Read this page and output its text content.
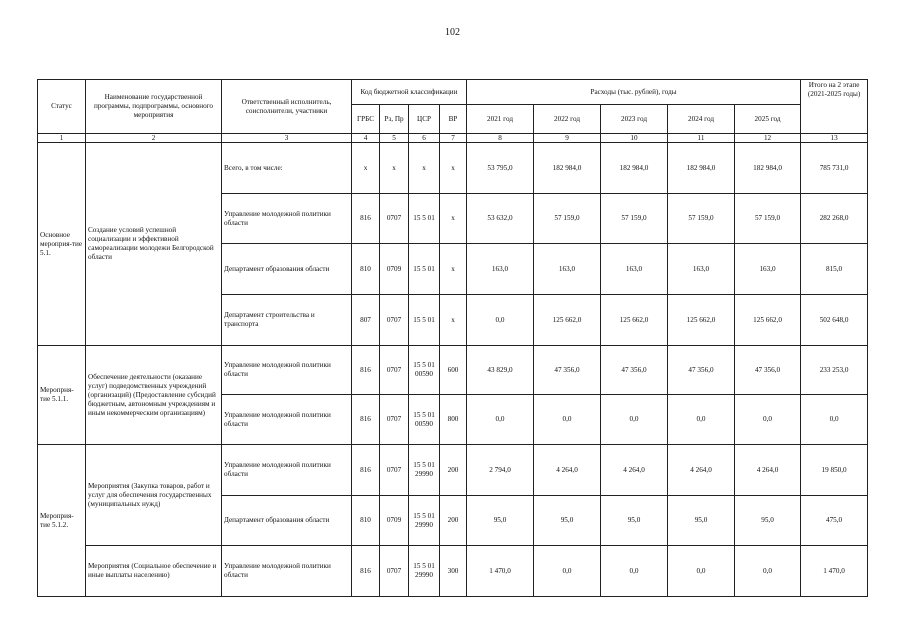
102
Статус	Наименование государственной программы, подпрограммы, основного мероприятия	Ответственный исполнитель, соисполнители, участники	Код бюджетной классификации				Расходы (тыс. рублей), годы					Итого на 2 этапе (2021-2025 годы)
			ГРБС	Рз, Пр	ЦСР	ВР	2021 год	2022 год	2023 год	2024 год	2025 год	
1	2	3	4	5	6	7	8	9	10	11	12	13
Основное мероприя-тие 5.1.	Создание условий успешной социализации и эффективной самореализации молодежи Белгородской области	Всего, в том числе:	x	x	x	x	53 795,0	182 984,0	182 984,0	182 984,0	182 984,0	785 731,0
		Управление молодежной политики области	816	0707	15 5 01	x	53 632,0	57 159,0	57 159,0	57 159,0	57 159,0	282 268,0
		Департамент образования области	810	0709	15 5 01	x	163,0	163,0	163,0	163,0	163,0	815,0
		Департамент строительства и транспорта	807	0707	15 5 01	x	0,0	125 662,0	125 662,0	125 662,0	125 662,0	502 648,0
Меропрня-тие 5.1.1.	Обеспечение деятельности (оказание услуг) подведомственных учреждений (организаций) (Предоставление субсидий бюджетным, автономным учреждениям и иным некоммерческим организациям)	Управление молодежной политики области	816	0707	15 5 01 00590	600	43 829,0	47 356,0	47 356,0	47 356,0	47 356,0	233 253,0
		Управление молодежной политики области	816	0707	15 5 01 00590	800	0,0	0,0	0,0	0,0	0,0	0,0
Мероприя-тие 5.1.2.	Мероприятия (Закупка товаров, работ и услуг для обеспечения государственных (муниципальных нужд)	Управление молодежной политики области	816	0707	15 5 01 29990	200	2 794,0	4 264,0	4 264,0	4 264,0	4 264,0	19 850,0
		Департамент образования области	810	0709	15 5 01 29990	200	95,0	95,0	95,0	95,0	95,0	475,0
	Мероприятия (Социальное обеспечение и иные выплаты населению)	Управление молодежной политики области	816	0707	15 5 01 29990	300	1 470,0	0,0	0,0	0,0	0,0	1 470,0
